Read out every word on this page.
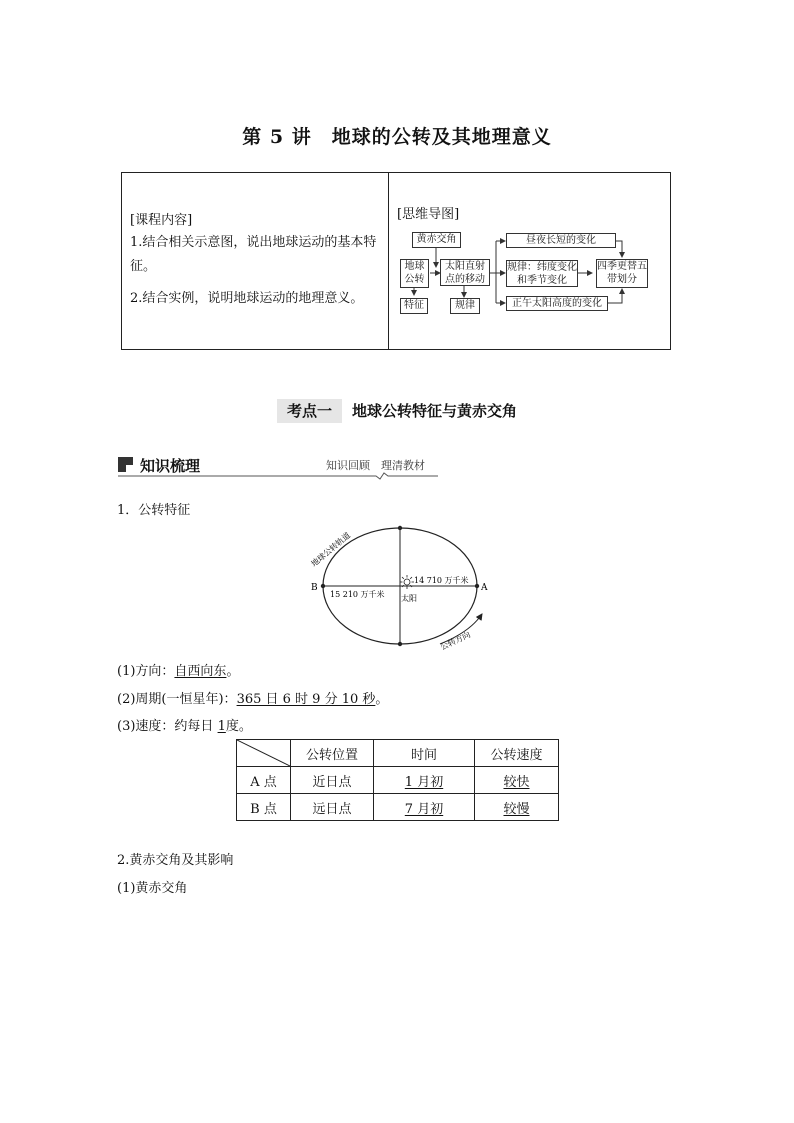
第 5 讲　地球的公转及其地理意义
[课程内容]
1.结合相关示意图，说出地球运动的基本特征。
2.结合实例，说明地球运动的地理意义。
[思维导图]
黄赤交角
地球公转
特征
太阳直射点的移动
规律
昼夜长短的变化
规律：纬度变化和季节变化
正午太阳高度的变化
四季更替五带划分
考点一 地球公转特征与黄赤交角
知识梳理	知识回顾　理清教材
1．公转特征
B	A
14 710 万千米
15 210 万千米 太阳
地球公转轨道
公转方向
(1)方向：自西向东。
(2)周期(一恒星年)：365 日 6 时 9 分 10 秒。
(3)速度：约每日 1度。
	公转位置	时间	公转速度
A 点	近日点	1 月初	较快
B 点	远日点	7 月初	较慢
2.黄赤交角及其影响
(1)黄赤交角
